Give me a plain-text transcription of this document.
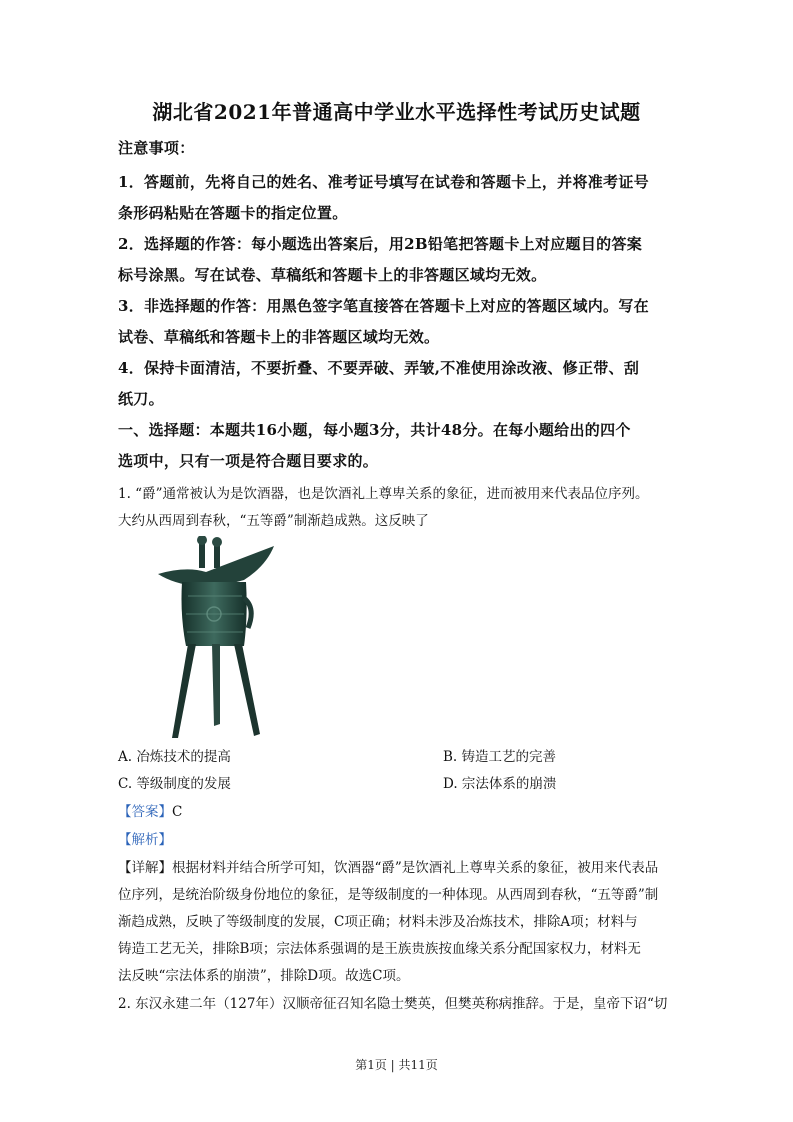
湖北省2021年普通高中学业水平选择性考试历史试题
注意事项：
1．答题前，先将自己的姓名、准考证号填写在试卷和答题卡上，并将准考证号
条形码粘贴在答题卡的指定位置。
2．选择题的作答：每小题选出答案后，用2B铅笔把答题卡上对应题目的答案
标号涂黑。写在试卷、草稿纸和答题卡上的非答题区域均无效。
3．非选择题的作答：用黑色签字笔直接答在答题卡上对应的答题区域内。写在
试卷、草稿纸和答题卡上的非答题区域均无效。
4．保持卡面清洁，不要折叠、不要弄破、弄皱,不准使用涂改液、修正带、刮
纸刀。
一、选择题：本题共16小题，每小题3分，共计48分。在每小题给出的四个
选项中，只有一项是符合题目要求的。
1. “爵”通常被认为是饮酒器，也是饮酒礼上尊卑关系的象征，进而被用来代表品位序列。
大约从西周到春秋，“五等爵”制渐趋成熟。这反映了
A. 冶炼技术的提高	B. 铸造工艺的完善
C. 等级制度的发展	D. 宗法体系的崩溃
【答案】C
【解析】
【详解】根据材料并结合所学可知，饮酒器“爵”是饮酒礼上尊卑关系的象征，被用来代表品
位序列，是统治阶级身份地位的象征，是等级制度的一种体现。从西周到春秋，“五等爵”制
渐趋成熟，反映了等级制度的发展，C项正确；材料未涉及冶炼技术，排除A项；材料与
铸造工艺无关，排除B项；宗法体系强调的是王族贵族按血缘关系分配国家权力，材料无
法反映“宗法体系的崩溃”，排除D项。故选C项。
2. 东汉永建二年（127年）汉顺帝征召知名隐士樊英，但樊英称病推辞。于是，皇帝下诏“切
第1页 | 共11页
